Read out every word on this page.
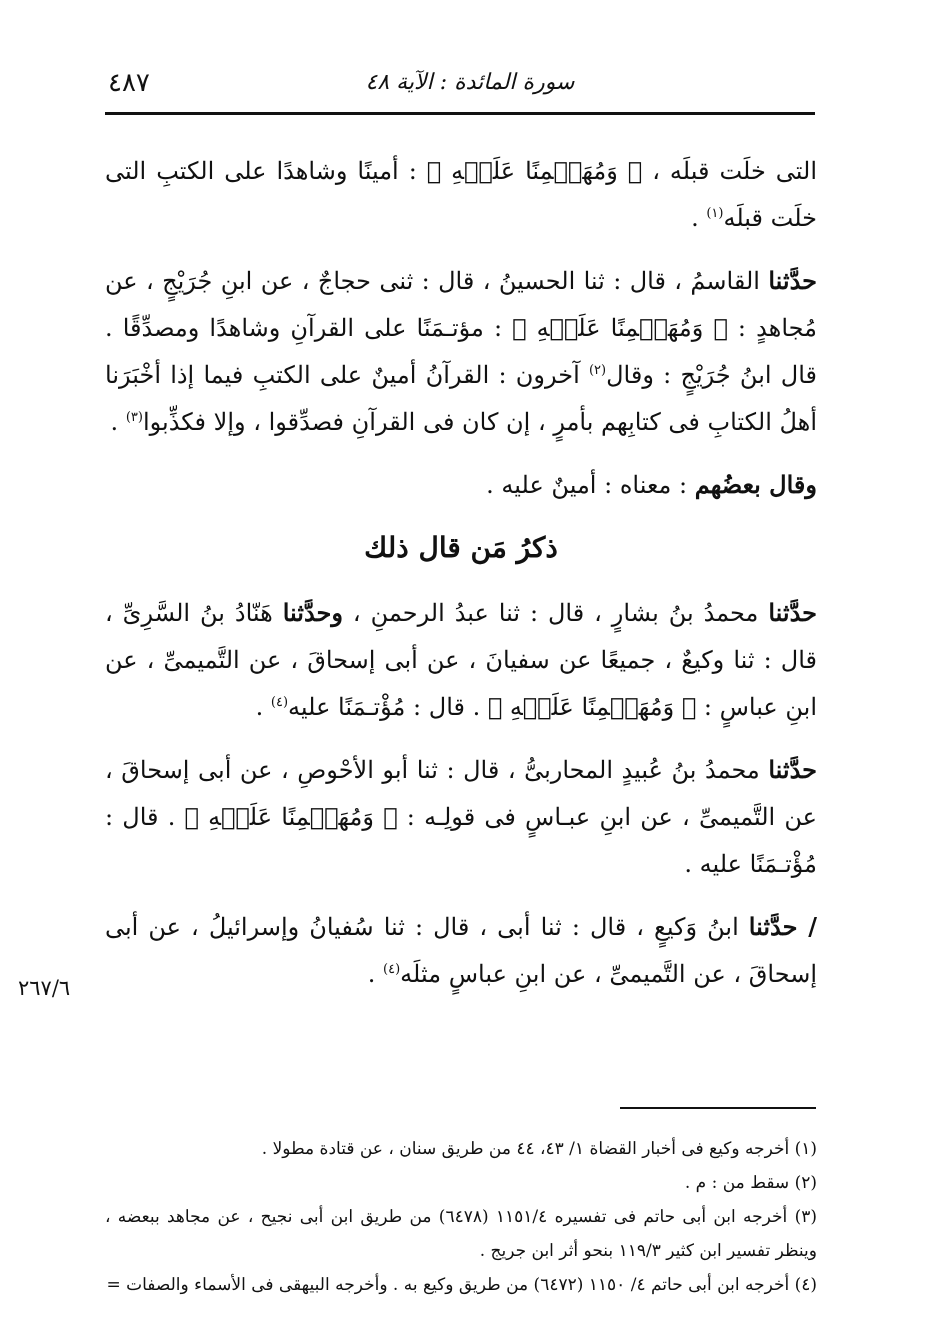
٤٨٧	سورة المائدة : الآية ٤٨

التى خلَت قبلَه ، ﴿ وَمُهَيۡمِنًا عَلَيۡهِ ﴾ : أمينًا وشاهدًا على الكتبِ التى خلَت قبلَه$^{(١)}$ .

حدَّثنا القاسمُ ، قال : ثنا الحسينُ ، قال : ثنى حجاجٌ ، عن ابنِ جُرَيْجٍ ، عن مُجاهدٍ : ﴿ وَمُهَيۡمِنًا عَلَيۡهِ ﴾ : مؤتـمَنًا على القرآنِ وشاهدًا ومصدِّقًا . قال ابنُ جُرَيْجٍ : وقال$^{(٢)}$ آخرون : القرآنُ أمينٌ على الكتبِ فيما إذا أخْبَرَنا أهلُ الكتابِ فى كتابِهم بأمرٍ ، إن كان فى القرآنِ فصدِّقوا ، وإلا فكذِّبوا$^{(٣)}$ .

وقال بعضُهم : معناه : أمينٌ عليه .

ذكرُ مَن قال ذلك

حدَّثنا محمدُ بنُ بشارٍ ، قال : ثنا عبدُ الرحمنِ ، وحدَّثنا هَنّادُ بنُ السَّرِىِّ ، قال : ثنا وكيعٌ ، جميعًا عن سفيانَ ، عن أبى إسحاقَ ، عن التَّميمىِّ ، عن ابنِ عباسٍ : ﴿ وَمُهَيۡمِنًا عَلَيۡهِ ﴾ . قال : مُؤْتـمَنًا عليه$^{(٤)}$ .

حدَّثنا محمدُ بنُ عُبيدٍ المحاربىُّ ، قال : ثنا أبو الأحْوصِ ، عن أبى إسحاقَ ، عن التَّميمىِّ ، عن ابنِ عبـاسٍ فى قولِـه : ﴿ وَمُهَيۡمِنًا عَلَيۡهِ ﴾ . قال : مُؤْتـمَنًا عليه .

/ حدَّثنا ابنُ وَكيعٍ ، قال : ثنا أبى ، قال : ثنا سُفيانُ وإسرائيلُ ، عن أبى إسحاقَ ، عن التَّميمىِّ ، عن ابنِ عباسٍ مثلَه$^{(٤)}$ .

٢٦٧/٦
(١) أخرجه وكيع فى أخبار القضاة ١/ ٤٣، ٤٤ من طريق سنان ، عن قتادة مطولا .
(٢) سقط من : م .
(٣) أخرجه ابن أبى حاتم فى تفسيره ١١٥١/٤ (٦٤٧٨) من طريق ابن أبى نجيح ، عن مجاهد ببعضه ، وينظر تفسير ابن كثير ١١٩/٣ بنحو أثر ابن جريج .
(٤) أخرجه ابن أبى حاتم ٤/ ١١٥٠ (٦٤٧٢) من طريق وكيع به . وأخرجه البيهقى فى الأسماء والصفات =
